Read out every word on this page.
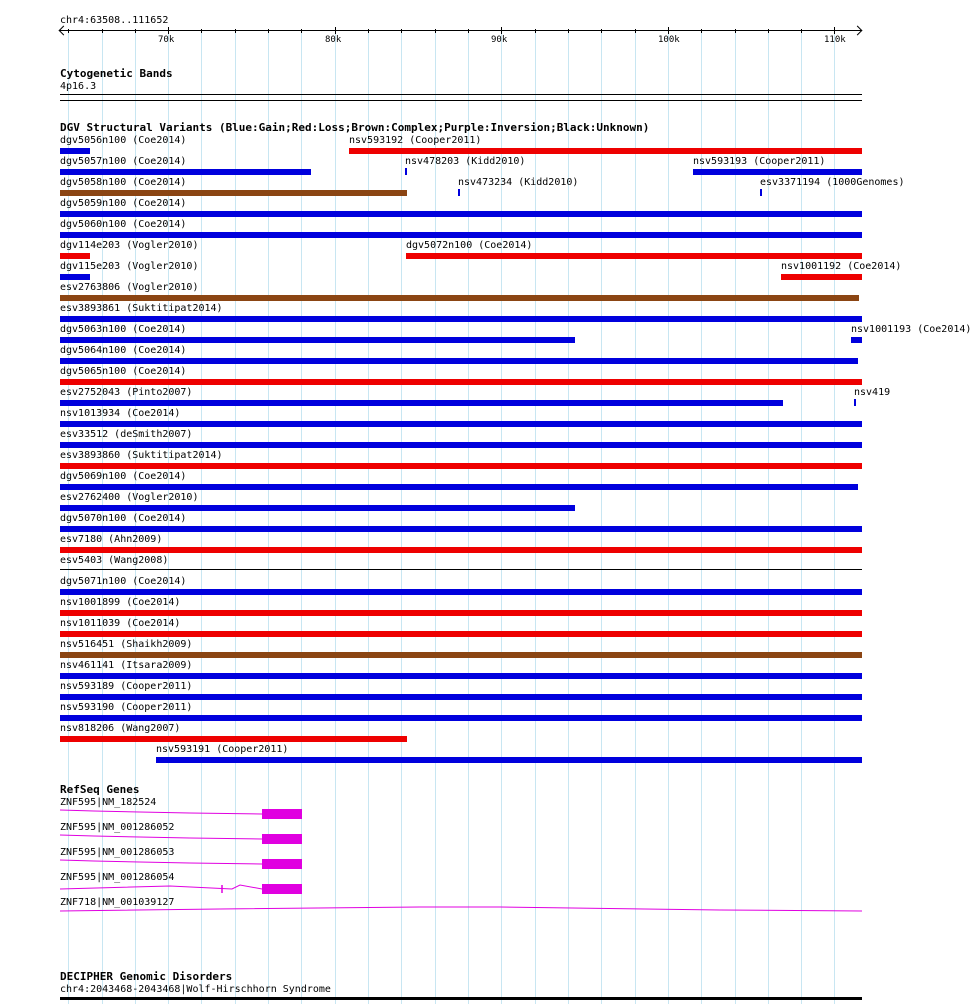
chr4:63508..111652
70k	80k	90k	100k	110k
Cytogenetic Bands
4p16.3
DGV Structural Variants (Blue:Gain;Red:Loss;Brown:Complex;Purple:Inversion;Black:Unknown)
dgv5056n100 (Coe2014)	nsv593192 (Cooper2011)
dgv5057n100 (Coe2014)	nsv478203 (Kidd2010)	nsv593193 (Cooper2011)
dgv5058n100 (Coe2014)	nsv473234 (Kidd2010)	esv3371194 (1000Genomes)
dgv5059n100 (Coe2014)
dgv5060n100 (Coe2014)
dgv114e203 (Vogler2010)	dgv5072n100 (Coe2014)
dgv115e203 (Vogler2010)	nsv1001192 (Coe2014)
esv2763806 (Vogler2010)
esv3893861 (Suktitipat2014)
dgv5063n100 (Coe2014)	nsv1001193 (Coe2014)
dgv5064n100 (Coe2014)
dgv5065n100 (Coe2014)
esv2752043 (Pinto2007)	nsv419
nsv1013934 (Coe2014)
esv33512 (deSmith2007)
esv3893860 (Suktitipat2014)
dgv5069n100 (Coe2014)
esv2762400 (Vogler2010)
dgv5070n100 (Coe2014)
esv7180 (Ahn2009)
esv5403 (Wang2008)
dgv5071n100 (Coe2014)
nsv1001899 (Coe2014)
nsv1011039 (Coe2014)
nsv516451 (Shaikh2009)
nsv461141 (Itsara2009)
nsv593189 (Cooper2011)
nsv593190 (Cooper2011)
nsv818206 (Wang2007)
nsv593191 (Cooper2011)
RefSeq Genes
ZNF595|NM_182524
ZNF595|NM_001286052
ZNF595|NM_001286053
ZNF595|NM_001286054
ZNF718|NM_001039127
DECIPHER Genomic Disorders
chr4:2043468-2043468|Wolf-Hirschhorn Syndrome
